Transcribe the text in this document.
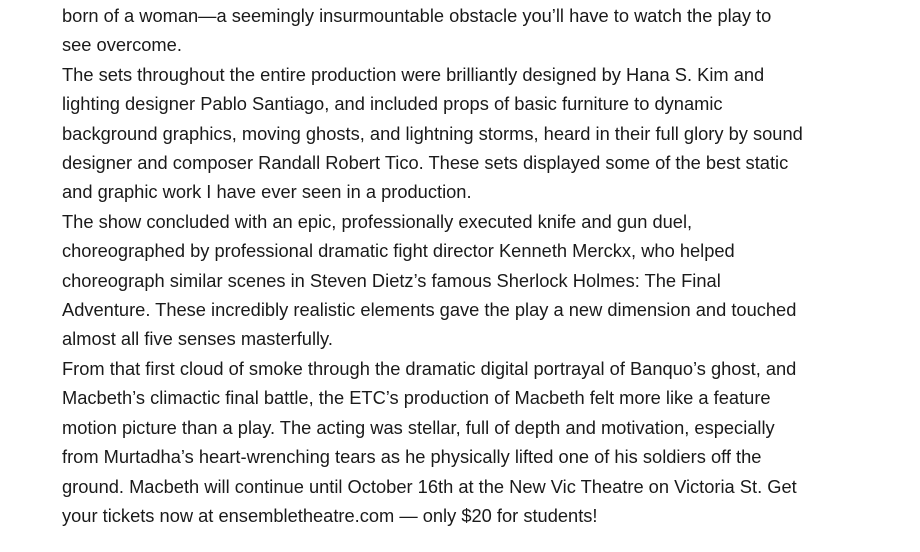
born of a woman—a seemingly insurmountable obstacle you’ll have to watch the play to
see overcome.

The sets throughout the entire production were brilliantly designed by Hana S. Kim and
lighting designer Pablo Santiago, and included props of basic furniture to dynamic
background graphics, moving ghosts, and lightning storms, heard in their full glory by sound
designer and composer Randall Robert Tico. These sets displayed some of the best static
and graphic work I have ever seen in a production.

The show concluded with an epic, professionally executed knife and gun duel,
choreographed by professional dramatic fight director Kenneth Merckx, who helped
choreograph similar scenes in Steven Dietz’s famous Sherlock Holmes: The Final
Adventure. These incredibly realistic elements gave the play a new dimension and touched
almost all five senses masterfully.

From that first cloud of smoke through the dramatic digital portrayal of Banquo’s ghost, and
Macbeth’s climactic final battle, the ETC’s production of Macbeth felt more like a feature
motion picture than a play. The acting was stellar, full of depth and motivation, especially
from Murtadha’s heart-wrenching tears as he physically lifted one of his soldiers off the
ground. Macbeth will continue until October 16th at the New Vic Theatre on Victoria St. Get
your tickets now at ensembletheatre.com — only $20 for students!
